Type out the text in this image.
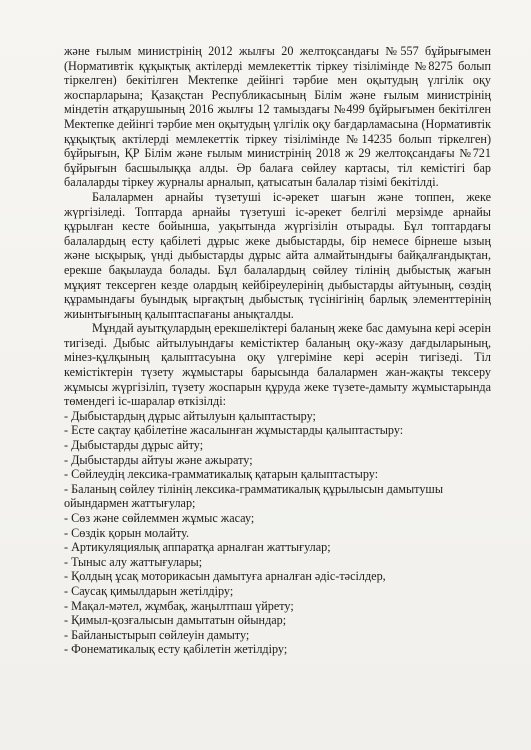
және ғылым министрінің 2012 жылғы 20 желтоқсандағы №557 бұйрығымен (Нормативтік құқықтық актілерді мемлекеттік тіркеу тізілімінде №8275 болып тіркелген) бекітілген Мектепке дейінгі тәрбие мен оқытудың үлгілік оқу жоспарларына; Қазақстан Республикасының Білім және ғылым министрінің міндетін атқарушының 2016 жылғы 12 тамыздағы №499 бұйрығымен бекітілген Мектепке дейінгі тәрбие мен оқытудың үлгілік оқу бағдарламасына (Нормативтік құқықтық актілерді мемлекеттік тіркеу тізілімінде №14235 болып тіркелген) бұйрығын, ҚР Білім және ғылым министрінің 2018 ж 29 желтоқсандағы №721 бұйрығын басшылыққа алды. Әр балаға сөйлеу картасы, тіл кемістігі бар балаларды тіркеу журналы арналып, қатысатын балалар тізімі бекітілді.

Балалармен арнайы түзетуші іс-әрекет шағын және топпен, жеке жүргізіледі. Топтарда арнайы түзетуші іс-әрекет белгілі мерзімде арнайы құрылған кесте бойынша, уақытында жүргізілін отырады. Бұл топтардағы балалардың есту қабілеті дұрыс жеке дыбыстарды, бір немесе бірнеше ызың және ысқырық, үнді дыбыстарды дұрыс айта алмайтындығы байқалғандықтан, ерекше бақылауда болады. Бұл балалардың сөйлеу тілінің дыбыстық жағын мұқият тексерген кезде олардың кейбіреулерінің дыбыстарды айтуының, сөздің құрамындағы буындық ырғақтың дыбыстық түсінігінің барлық элементтерінің жиынтығының қалыптаспағаны анықталды.

Мұндай ауытқулардың ерекшеліктері баланың жеке бас дамуына кері әсерін тигізеді. Дыбыс айтылуындағы кемістіктер баланың оқу-жазу дағдыларының, мінез-құлқының қалыптасуына оқу үлгеріміне кері әсерін тигізеді. Тіл кемістіктерін түзету жұмыстары барысында балалармен жан-жақты тексеру жұмысы жүргізіліп, түзету жоспарын құруда жеке түзете-дамыту жұмыстарында төмендегі іс-шаралар өткізілді:

- Дыбыстардың дұрыс айтылуын қалыптастыру;
- Есте сақтау қабілетіне жасалынған жұмыстарды қалыптастыру:
- Дыбыстарды дұрыс айту;
- Дыбыстарды айтуы және ажырату;
- Сөйлеудің лексика-грамматикалық қатарын қалыптастыру:
- Баланың сөйлеу тілінің лексика-грамматикалық құрылысын дамытушы ойындармен жаттығулар;
- Сөз және сөйлеммен жұмыс жасау;
- Сөздік қорын молайту.
- Артикуляциялық аппаратқа арналған жаттығулар;
- Тыныс алу жаттығулары;
- Қолдың ұсақ моторикасын дамытуға арналған әдіс-тәсілдер,
- Саусақ қимылдарын жетілдіру;
- Мақал-мәтел, жұмбақ, жаңылтпаш үйрету;
- Қимыл-қозғалысын дамытатын ойындар;
- Байланыстырып сөйлеуін дамыту;
- Фонематикалық есту қабілетін жетілдіру;
